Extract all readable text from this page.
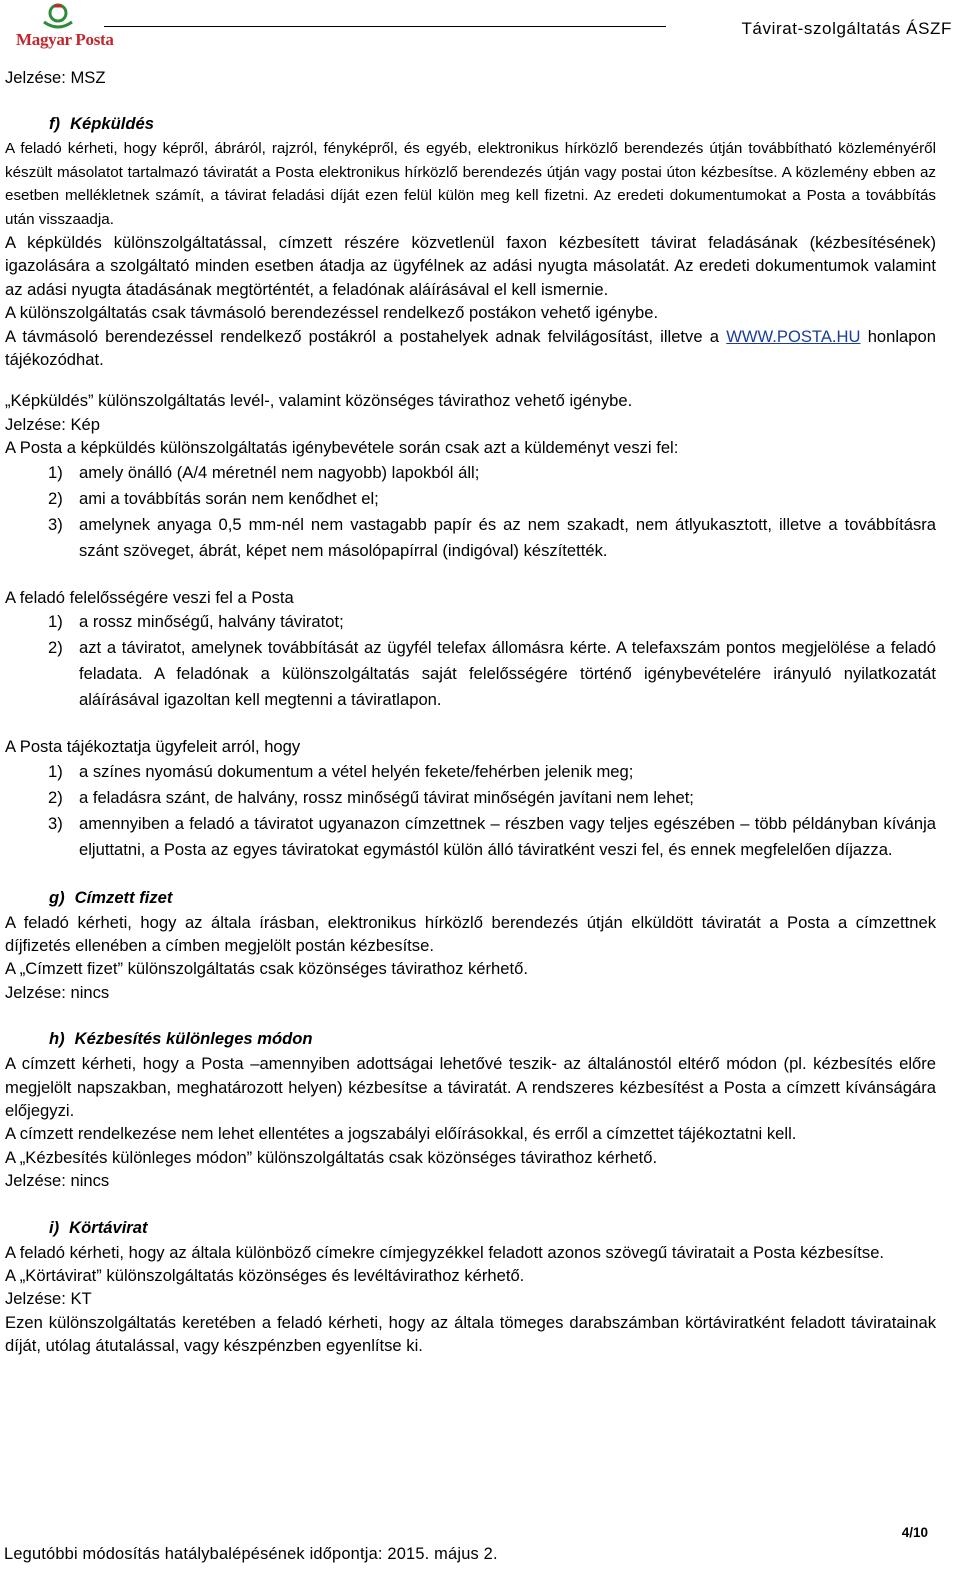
Magyar Posta
Távirat-szolgáltatás ÁSZF

Jelzése: MSZ

f) Képküldés

A feladó kérheti, hogy képről, ábráról, rajzról, fényképről, és egyéb, elektronikus hírközlő berendezés útján továbbítható közleményéről készült másolatot tartalmazó táviratát a Posta elektronikus hírközlő berendezés útján vagy postai úton kézbesítse. A közlemény ebben az esetben mellékletnek számít, a távirat feladási díját ezen felül külön meg kell fizetni. Az eredeti dokumentumokat a Posta a továbbítás után visszaadja.

A képküldés különszolgáltatással, címzett részére közvetlenül faxon kézbesített távirat feladásának (kézbesítésének) igazolására a szolgáltató minden esetben átadja az ügyfélnek az adási nyugta másolatát. Az eredeti dokumentumok valamint az adási nyugta átadásának megtörténtét, a feladónak aláírásával el kell ismernie.

A különszolgáltatás csak távmásoló berendezéssel rendelkező postákon vehető igénybe.

A távmásoló berendezéssel rendelkező postákról a postahelyek adnak felvilágosítást, illetve a WWW.POSTA.HU honlapon tájékozódhat.

„Képküldés” különszolgáltatás levél-, valamint közönséges távirathoz vehető igénybe.

Jelzése: Kép

A Posta a képküldés különszolgáltatás igénybevétele során csak azt a küldeményt veszi fel:

1) amely önálló (A/4 méretnél nem nagyobb) lapokból áll;
2) ami a továbbítás során nem kenődhet el;
3) amelynek anyaga 0,5 mm-nél nem vastagabb papír és az nem szakadt, nem átlyukasztott, illetve a továbbításra szánt szöveget, ábrát, képet nem másolópapírral (indigóval) készítették.

A feladó felelősségére veszi fel a Posta

1) a rossz minőségű, halvány táviratot;
2) azt a táviratot, amelynek továbbítását az ügyfél telefax állomásra kérte. A telefaxszám pontos megjelölése a feladó feladata. A feladónak a különszolgáltatás saját felelősségére történő igénybevételére irányuló nyilatkozatát aláírásával igazoltan kell megtenni a táviratlapon.

A Posta tájékoztatja ügyfeleit arról, hogy

1) a színes nyomású dokumentum a vétel helyén fekete/fehérben jelenik meg;
2) a feladásra szánt, de halvány, rossz minőségű távirat minőségén javítani nem lehet;
3) amennyiben a feladó a táviratot ugyanazon címzettnek – részben vagy teljes egészében – több példányban kívánja eljuttatni, a Posta az egyes táviratokat egymástól külön álló táviratként veszi fel, és ennek megfelelően díjazza.
g) Címzett fizet

A feladó kérheti, hogy az általa írásban, elektronikus hírközlő berendezés útján elküldött táviratát a Posta a címzettnek díjfizetés ellenében a címben megjelölt postán kézbesítse.

A „Címzett fizet” különszolgáltatás csak közönséges távirathoz kérhető.

Jelzése: nincs

h) Kézbesítés különleges módon

A címzett kérheti, hogy a Posta –amennyiben adottságai lehetővé teszik- az általánostól eltérő módon (pl. kézbesítés előre megjelölt napszakban, meghatározott helyen) kézbesítse a táviratát. A rendszeres kézbesítést a Posta a címzett kívánságára előjegyzi.

A címzett rendelkezése nem lehet ellentétes a jogszabályi előírásokkal, és erről a címzettet tájékoztatni kell.

A „Kézbesítés különleges módon” különszolgáltatás csak közönséges távirathoz kérhető.

Jelzése: nincs

i) Körtávirat

A feladó kérheti, hogy az általa különböző címekre címjegyzékkel feladott azonos szövegű táviratait a Posta kézbesítse.

A „Körtávirat” különszolgáltatás közönséges és levéltávirathoz kérhető.

Jelzése: KT

Ezen különszolgáltatás keretében a feladó kérheti, hogy az általa tömeges darabszámban körtáviratként feladott táviratainak díját, utólag átutalással, vagy készpénzben egyenlítse ki.

4/10
Legutóbbi módosítás hatálybalépésének időpontja: 2015. május 2.
